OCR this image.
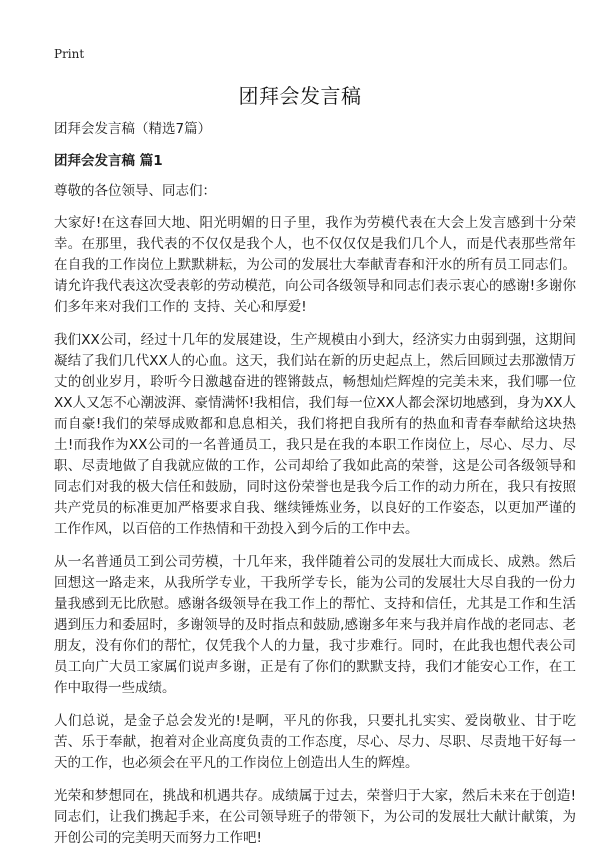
Print
团拜会发言稿
团拜会发言稿（精选7篇）
团拜会发言稿 篇1
尊敬的各位领导、同志们：

大家好!在这春回大地、阳光明媚的日子里，我作为劳模代表在大会上发言感到十分荣幸。在那里，我代表的不仅仅是我个人，也不仅仅仅是我们几个人，而是代表那些常年在自我的工作岗位上默默耕耘，为公司的发展壮大奉献青春和汗水的所有员工同志们。请允许我代表这次受表彰的劳动模范，向公司各级领导和同志们表示衷心的感谢!多谢你们多年来对我们工作的 支持、关心和厚爱!

我们XX公司，经过十几年的发展建设，生产规模由小到大，经济实力由弱到强，这期间凝结了我们几代XX人的心血。这天，我们站在新的历史起点上，然后回顾过去那激情万丈的创业岁月，聆听今日激越奋进的铿锵鼓点，畅想灿烂辉煌的完美未来，我们哪一位XX人又怎不心潮波湃、豪情满怀!我相信，我们每一位XX人都会深切地感到，身为XX人而自豪!我们的荣辱成败都和息息相关，我们将把自我所有的热血和青春奉献给这块热土!而我作为XX公司的一名普通员工，我只是在我的本职工作岗位上，尽心、尽力、尽职、尽责地做了自我就应做的工作，公司却给了我如此高的荣誉，这是公司各级领导和同志们对我的极大信任和鼓励，同时这份荣誉也是我今后工作的动力所在，我只有按照共产党员的标准更加严格要求自我、继续锤炼业务，以良好的工作姿态，以更加严谨的工作作风，以百倍的工作热情和干劲投入到今后的工作中去。

从一名普通员工到公司劳模，十几年来，我伴随着公司的发展壮大而成长、成熟。然后回想这一路走来，从我所学专业，干我所学专长，能为公司的发展壮大尽自我的一份力量我感到无比欣慰。感谢各级领导在我工作上的帮忙、支持和信任，尤其是工作和生活遇到压力和委屈时，多谢领导的及时指点和鼓励,感谢多年来与我并肩作战的老同志、老朋友，没有你们的帮忙，仅凭我个人的力量，我寸步难行。同时，在此我也想代表公司员工向广大员工家属们说声多谢，正是有了你们的默默支持，我们才能安心工作，在工作中取得一些成绩。

人们总说，是金子总会发光的!是啊，平凡的你我，只要扎扎实实、爱岗敬业、甘于吃苦、乐于奉献，抱着对企业高度负责的工作态度，尽心、尽力、尽职、尽责地干好每一天的工作，也必须会在平凡的工作岗位上创造出人生的辉煌。

光荣和梦想同在，挑战和机遇共存。成绩属于过去，荣誉归于大家，然后未来在于创造!同志们，让我们携起手来，在公司领导班子的带领下，为公司的发展壮大献计献策，为开创公司的完美明天而努力工作吧!
